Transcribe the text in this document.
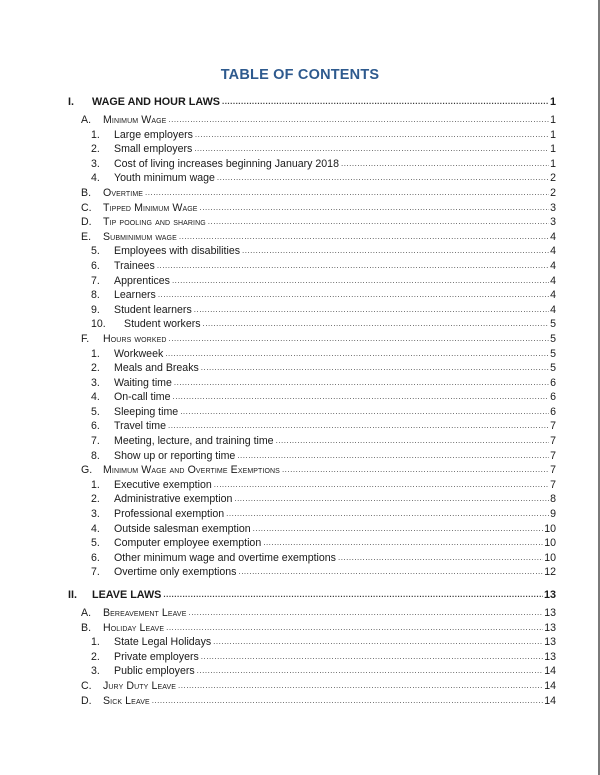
TABLE OF CONTENTS
I.	WAGE AND HOUR LAWS .....	1
A.	Minimum Wage .....	1
1.	Large employers .....	1
2.	Small employers .....	1
3.	Cost of living increases beginning January 2018 .....	1
4.	Youth minimum wage .....	2
B.	Overtime .....	2
C.	Tipped Minimum Wage .....	3
D.	Tip pooling and sharing .....	3
E.	Subminimum wage .....	4
5.	Employees with disabilities .....	4
6.	Trainees .....	4
7.	Apprentices .....	4
8.	Learners .....	4
9.	Student learners .....	4
10.	Student workers .....	5
F.	Hours worked .....	5
1.	Workweek .....	5
2.	Meals and Breaks .....	5
3.	Waiting time .....	6
4.	On-call time .....	6
5.	Sleeping time .....	6
6.	Travel time .....	7
7.	Meeting, lecture, and training time .....	7
8.	Show up or reporting time .....	7
G.	Minimum Wage and Overtime Exemptions .....	7
1.	Executive exemption .....	7
2.	Administrative exemption .....	8
3.	Professional exemption .....	9
4.	Outside salesman exemption .....	10
5.	Computer employee exemption .....	10
6.	Other minimum wage and overtime exemptions .....	10
7.	Overtime only exemptions .....	12
II.	LEAVE LAWS .....	13
A.	Bereavement Leave .....	13
B.	Holiday Leave .....	13
1.	State Legal Holidays .....	13
2.	Private employers .....	13
3.	Public employers .....	14
C.	Jury Duty Leave .....	14
D.	Sick Leave .....	14
